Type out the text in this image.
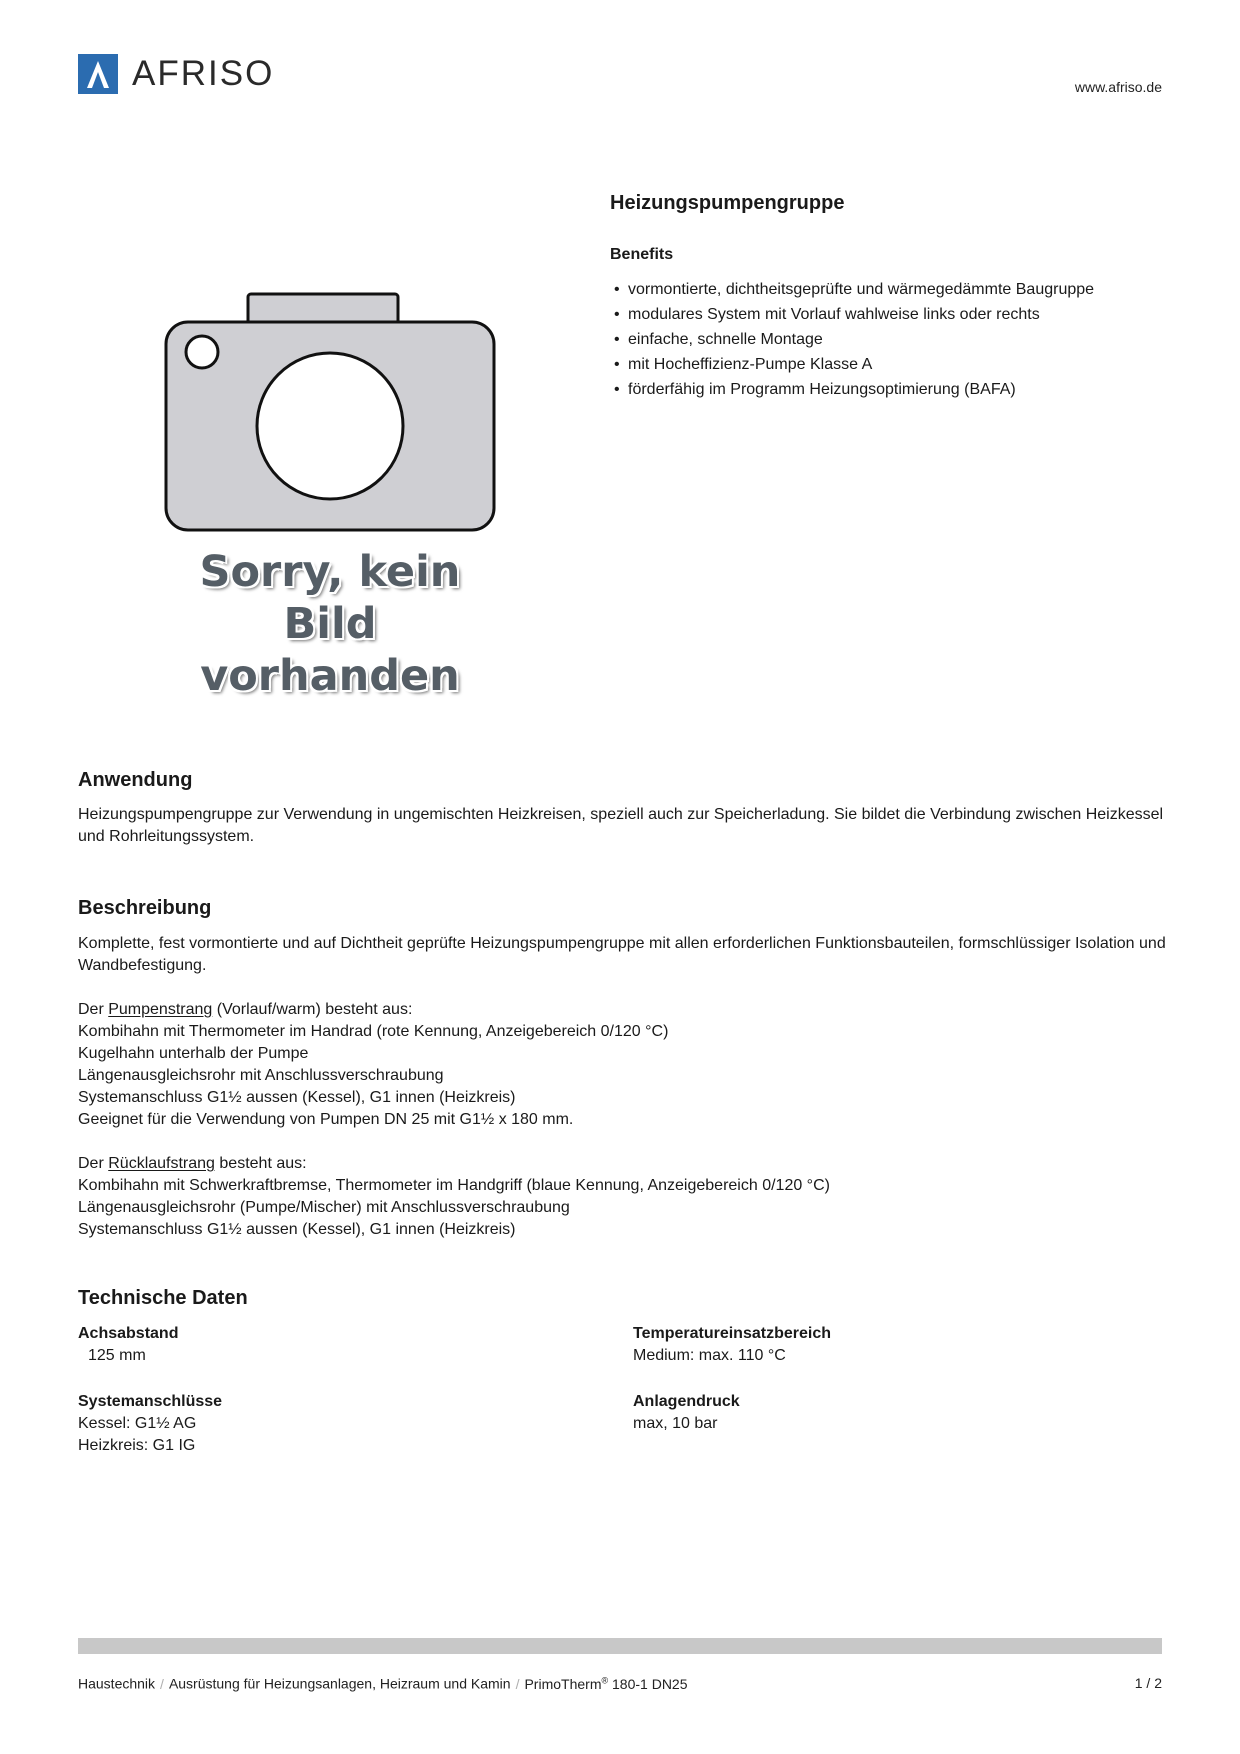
AFRISO	www.afriso.de
Sorry, kein Bild vorhanden
Heizungspumpengruppe
Benefits
• vormontierte, dichtheitsgeprüfte und wärmegedämmte Baugruppe
• modulares System mit Vorlauf wahlweise links oder rechts
• einfache, schnelle Montage
• mit Hocheffizienz-Pumpe Klasse A
• förderfähig im Programm Heizungsoptimierung (BAFA)
Anwendung
Heizungspumpengruppe zur Verwendung in ungemischten Heizkreisen, speziell auch zur Speicherladung. Sie bildet die Verbindung zwischen Heizkessel und Rohrleitungssystem.
Beschreibung
Komplette, fest vormontierte und auf Dichtheit geprüfte Heizungspumpengruppe mit allen erforderlichen Funktionsbauteilen, formschlüssiger Isolation und Wandbefestigung.
Der Pumpenstrang (Vorlauf/warm) besteht aus:
Kombihahn mit Thermometer im Handrad (rote Kennung, Anzeigebereich 0/120 °C)
Kugelhahn unterhalb der Pumpe
Längenausgleichsrohr mit Anschlussverschraubung
Systemanschluss G1½ aussen (Kessel), G1 innen (Heizkreis)
Geeignet für die Verwendung von Pumpen DN 25 mit G1½ x 180 mm.
Der Rücklaufstrang besteht aus:
Kombihahn mit Schwerkraftbremse, Thermometer im Handgriff (blaue Kennung, Anzeigebereich 0/120 °C)
Längenausgleichsrohr (Pumpe/Mischer) mit Anschlussverschraubung
Systemanschluss G1½ aussen (Kessel), G1 innen (Heizkreis)
Technische Daten
Achsabstand
125 mm
Systemanschlüsse
Kessel: G1½ AG
Heizkreis: G1 IG
Temperatureinsatzbereich
Medium: max. 110 °C
Anlagendruck
max, 10 bar
Haustechnik / Ausrüstung für Heizungsanlagen, Heizraum und Kamin / PrimoTherm® 180-1 DN25	1 / 2
